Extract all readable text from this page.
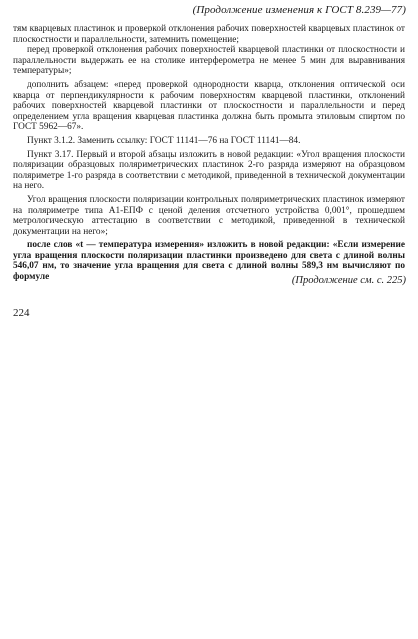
(Продолжение изменения к ГОСТ 8.239—77)

тям кварцевых пластинок и проверкой отклонения рабочих поверхностей кварцевых пластинок от плоскостности и параллельности, затемнить помещение;

перед проверкой отклонения рабочих поверхностей кварцевой пластинки от плоскостности и параллельности выдержать ее на столике интерферометра не менее 5 мин для выравнивания температуры»;

дополнить абзацем: «перед проверкой однородности кварца, отклонения оптической оси кварца от перпендикулярности к рабочим поверхностям кварцевой пластинки, отклонений рабочих поверхностей кварцевой пластинки от плоскостности и параллельности и перед определением угла вращения кварцевая пластинка должна быть промыта этиловым спиртом по ГОСТ 5962—67».

Пункт 3.1.2. Заменить ссылку: ГОСТ 11141—76 на ГОСТ 11141—84.

Пункт 3.17. Первый и второй абзацы изложить в новой редакции: «Угол вращения плоскости поляризации образцовых поляриметрических пластинок 2-го разряда измеряют на образцовом поляриметре 1-го разряда в соответствии с методикой, приведенной в технической документации на него.

Угол вращения плоскости поляризации контрольных поляриметрических пластинок измеряют на поляриметре типа А1-ЕПФ с ценой деления отсчетного устройства 0,001°, прошедшем метрологическую аттестацию в соответствии с методикой, приведенной в технической документации на него»;

после слов «t — температура измерения» изложить в новой редакции: «Если измерение угла вращения плоскости поляризации пластинки произведено для света с длиной волны 546,07 нм, то значение угла вращения для света с длиной волны 589,3 нм вычисляют по формуле	(Продолжение см. с. 225)
224
